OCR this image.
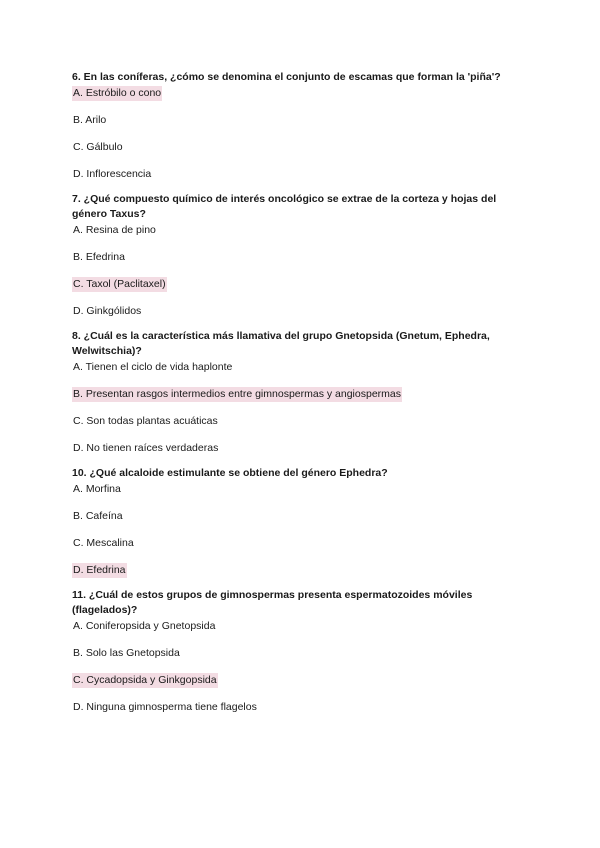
6. En las coníferas, ¿cómo se denomina el conjunto de escamas que forman la 'piña'?

A. Estróbilo o cono
B. Arilo
C. Gálbulo
D. Inflorescencia

7. ¿Qué compuesto químico de interés oncológico se extrae de la corteza y hojas del género Taxus?

A. Resina de pino
B. Efedrina
C. Taxol (Paclitaxel)
D. Ginkgólidos

8. ¿Cuál es la característica más llamativa del grupo Gnetopsida (Gnetum, Ephedra, Welwitschia)?

A. Tienen el ciclo de vida haplonte
B. Presentan rasgos intermedios entre gimnospermas y angiospermas
C. Son todas plantas acuáticas
D. No tienen raíces verdaderas

10. ¿Qué alcaloide estimulante se obtiene del género Ephedra?

A. Morfina
B. Cafeína
C. Mescalina
D. Efedrina

11. ¿Cuál de estos grupos de gimnospermas presenta espermatozoides móviles (flagelados)?

A. Coniferopsida y Gnetopsida
B. Solo las Gnetopsida
C. Cycadopsida y Ginkgopsida
D. Ninguna gimnosperma tiene flagelos
